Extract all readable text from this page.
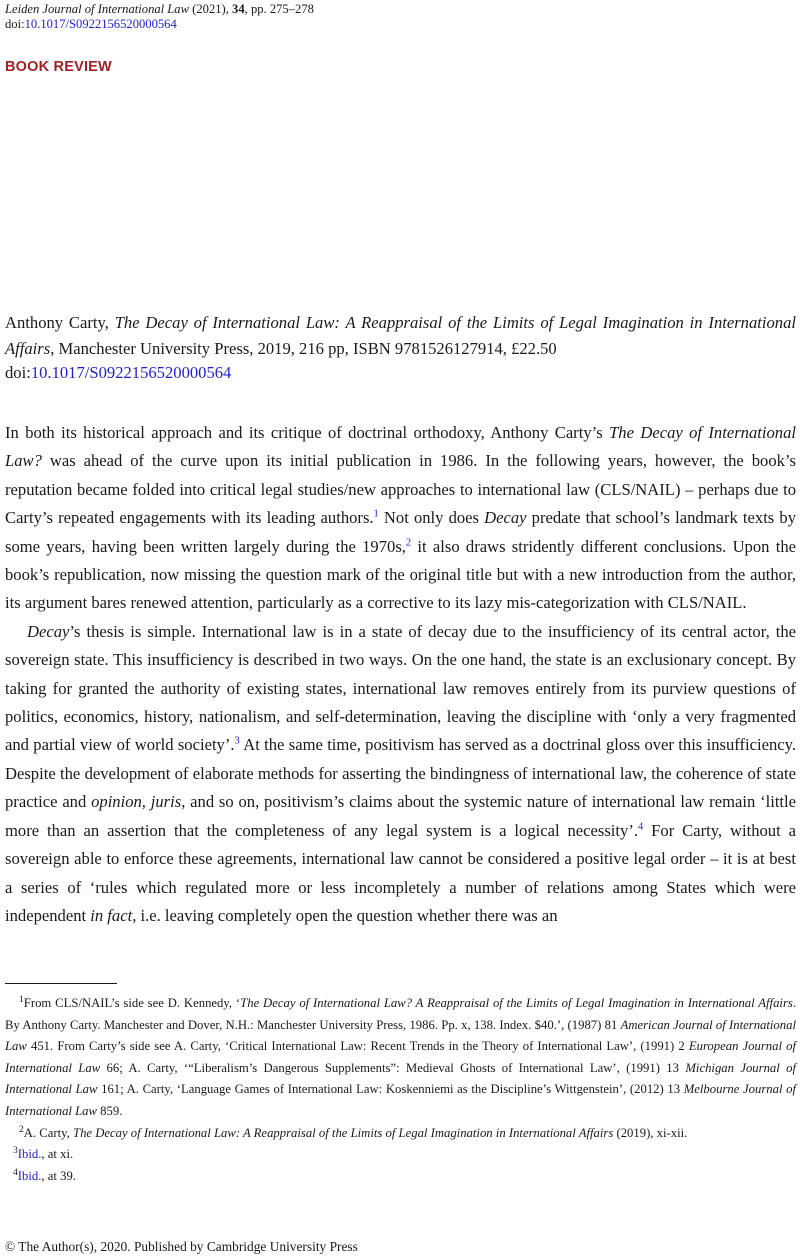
Leiden Journal of International Law (2021), 34, pp. 275–278
doi:10.1017/S0922156520000564
BOOK REVIEW
Anthony Carty, The Decay of International Law: A Reappraisal of the Limits of Legal Imagination in International Affairs, Manchester University Press, 2019, 216 pp, ISBN 9781526127914, £22.50
doi:10.1017/S0922156520000564

In both its historical approach and its critique of doctrinal orthodoxy, Anthony Carty’s The Decay of International Law? was ahead of the curve upon its initial publication in 1986. In the following years, however, the book’s reputation became folded into critical legal studies/new approaches to international law (CLS/NAIL) – perhaps due to Carty’s repeated engagements with its leading authors.$^1$ Not only does Decay predate that school’s landmark texts by some years, having been written largely during the 1970s,$^2$ it also draws stridently different conclusions. Upon the book’s republication, now missing the question mark of the original title but with a new introduction from the author, its argument bares renewed attention, particularly as a corrective to its lazy mis-categorization with CLS/NAIL.

Decay’s thesis is simple. International law is in a state of decay due to the insufficiency of its central actor, the sovereign state. This insufficiency is described in two ways. On the one hand, the state is an exclusionary concept. By taking for granted the authority of existing states, international law removes entirely from its purview questions of politics, economics, history, nationalism, and self-determination, leaving the discipline with ‘only a very fragmented and partial view of world society’.$^3$ At the same time, positivism has served as a doctrinal gloss over this insufficiency. Despite the development of elaborate methods for asserting the bindingness of international law, the coherence of state practice and opinion, juris, and so on, positivism’s claims about the systemic nature of international law remain ‘little more than an assertion that the completeness of any legal system is a logical necessity’.$^4$ For Carty, without a sovereign able to enforce these agreements, international law cannot be considered a positive legal order – it is at best a series of ‘rules which regulated more or less incompletely a number of relations among States which were independent in fact, i.e. leaving completely open the question whether there was an

$^1$From CLS/NAIL’s side see D. Kennedy, ‘The Decay of International Law? A Reappraisal of the Limits of Legal Imagination in International Affairs. By Anthony Carty. Manchester and Dover, N.H.: Manchester University Press, 1986. Pp. x, 138. Index. $40.’, (1987) 81 American Journal of International Law 451. From Carty’s side see A. Carty, ‘Critical International Law: Recent Trends in the Theory of International Law’, (1991) 2 European Journal of International Law 66; A. Carty, ‘“Liberalism’s Dangerous Supplements”: Medieval Ghosts of International Law’, (1991) 13 Michigan Journal of International Law 161; A. Carty, ‘Language Games of International Law: Koskenniemi as the Discipline’s Wittgenstein’, (2012) 13 Melbourne Journal of International Law 859.

$^2$A. Carty, The Decay of International Law: A Reappraisal of the Limits of Legal Imagination in International Affairs (2019), xi-xii.

$^3$Ibid., at xi.

$^4$Ibid., at 39.

© The Author(s), 2020. Published by Cambridge University Press
